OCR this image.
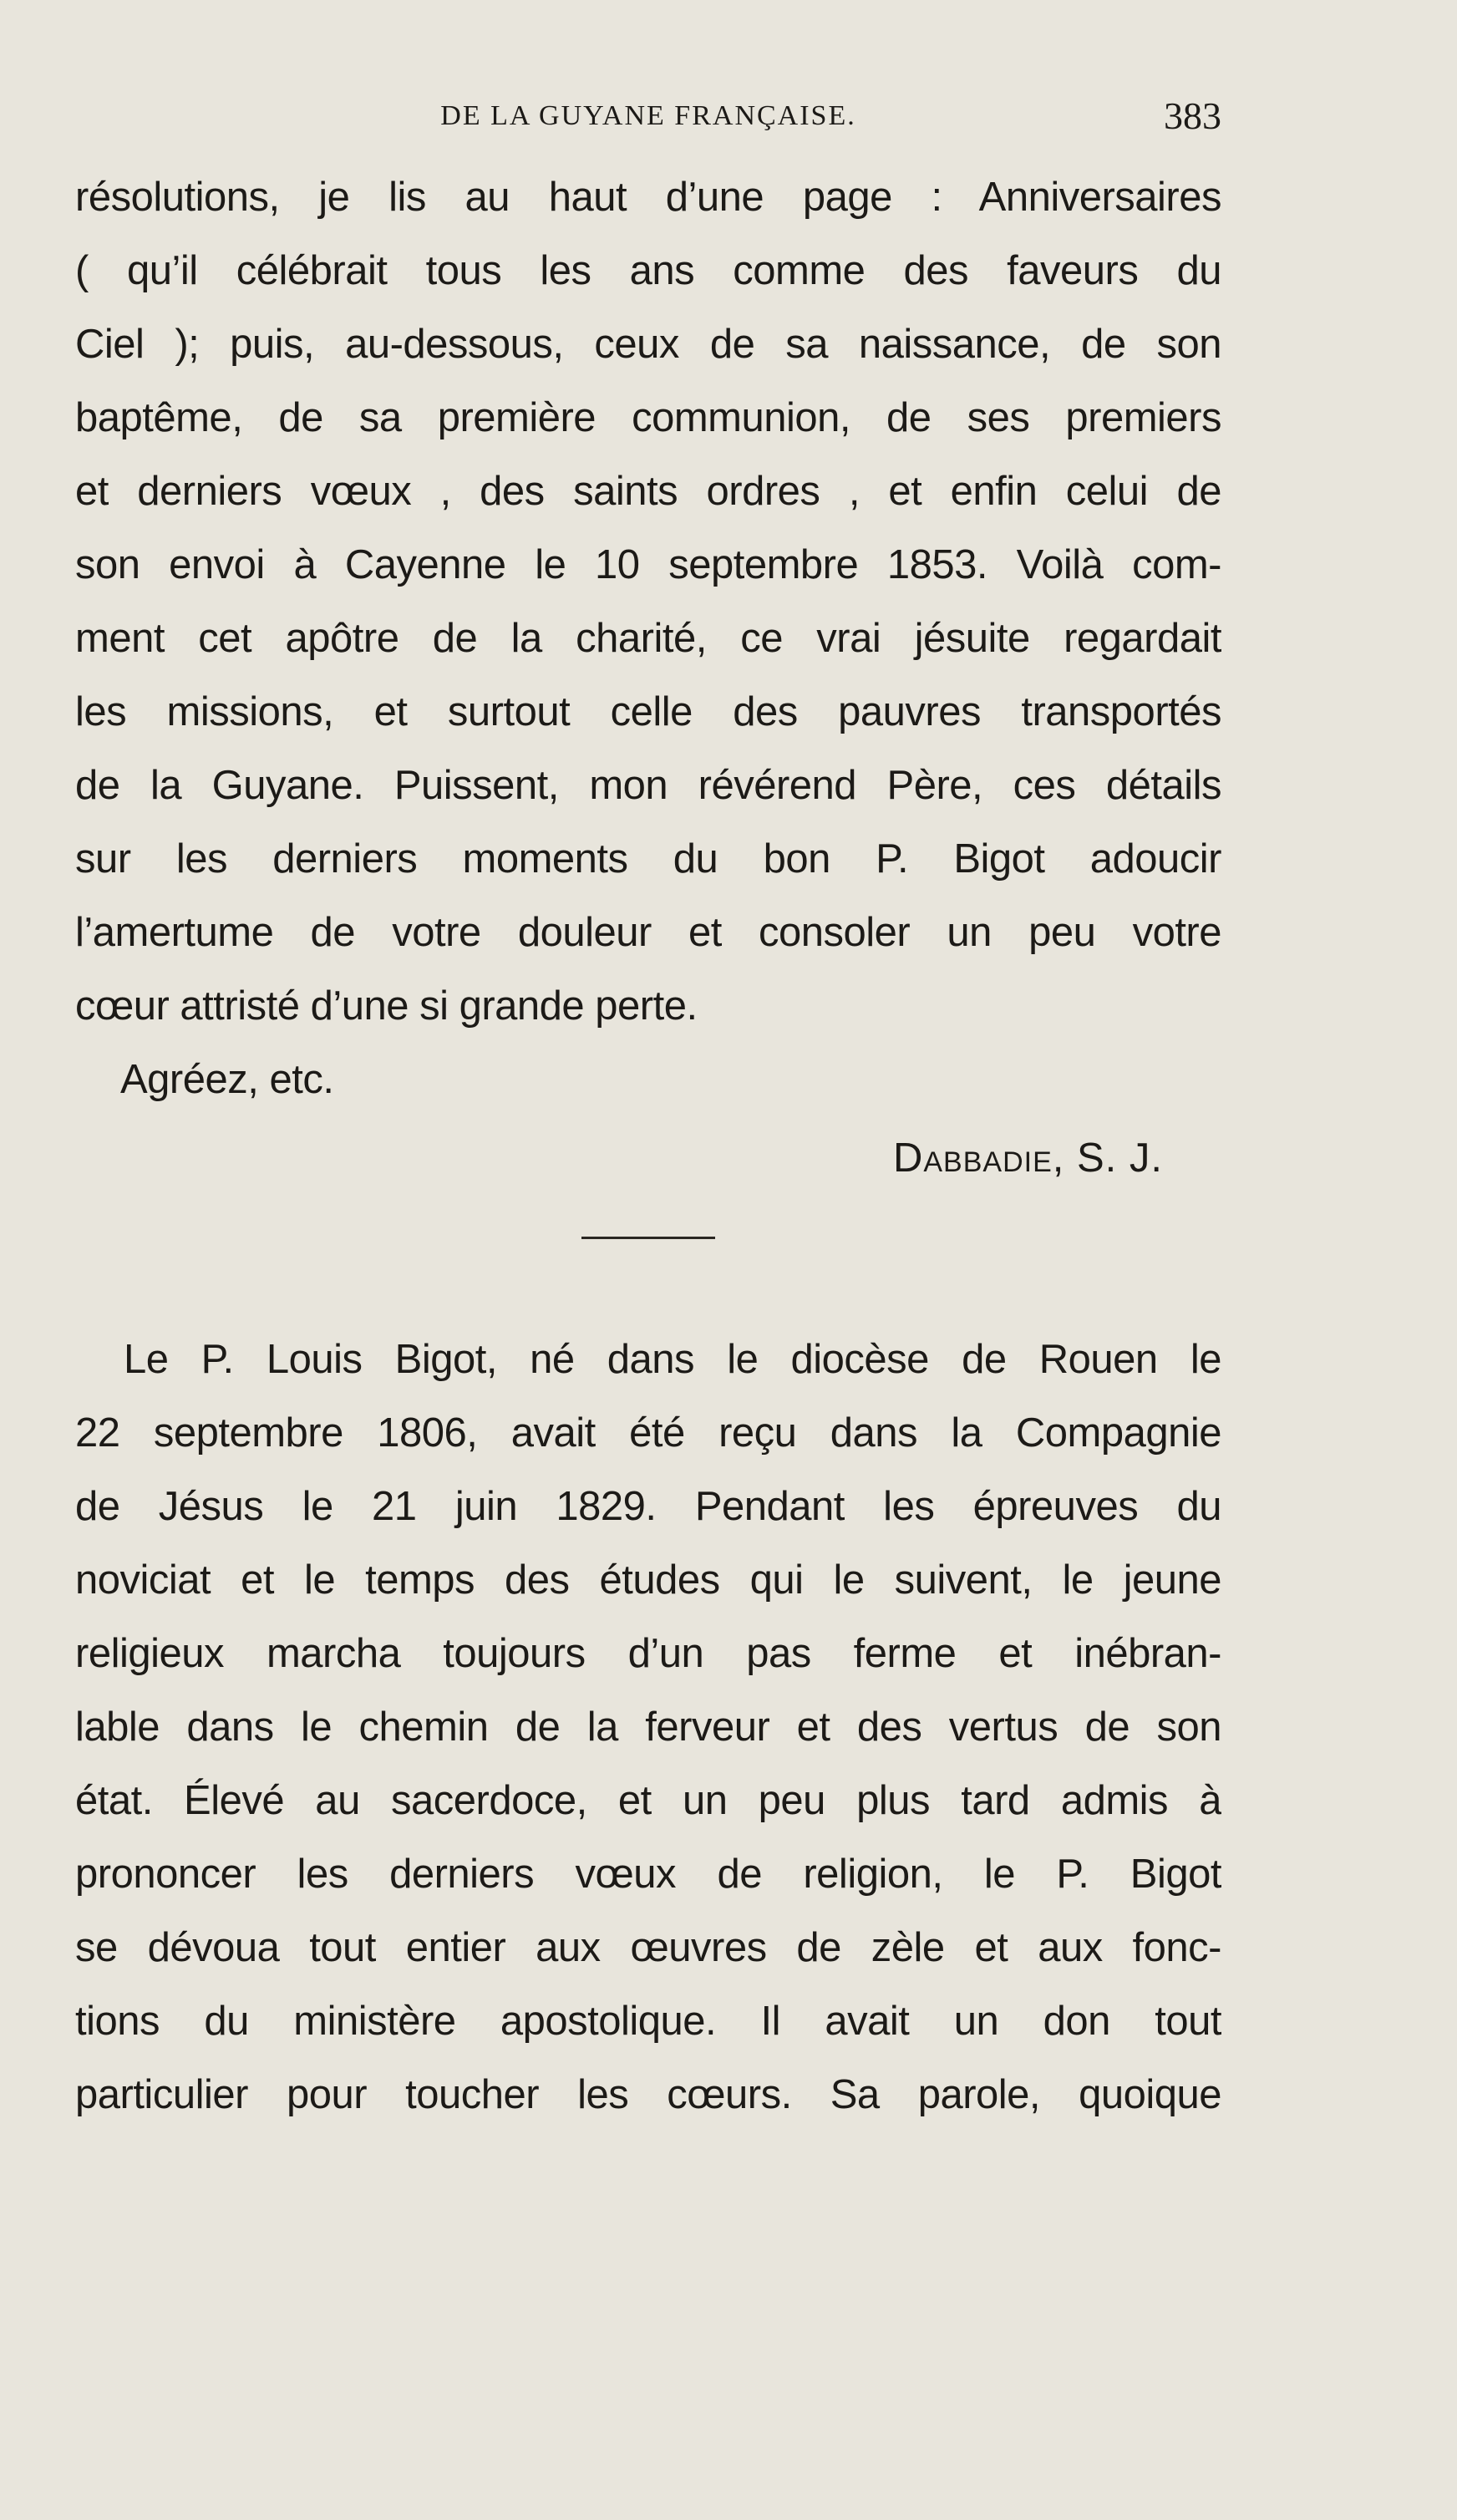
DE LA GUYANE FRANÇAISE.	383
résolutions, je lis au haut d’une page : Anniversaires
( qu’il célébrait tous les ans comme des faveurs du
Ciel ); puis, au-dessous, ceux de sa naissance, de son
baptême, de sa première communion, de ses premiers
et derniers vœux , des saints ordres , et enfin celui de
son envoi à Cayenne le 10 septembre 1853. Voilà com-
ment cet apôtre de la charité, ce vrai jésuite regardait
les missions, et surtout celle des pauvres transportés
de la Guyane. Puissent, mon révérend Père, ces détails
sur les derniers moments du bon P. Bigot adoucir
l’amertume de votre douleur et consoler un peu votre
cœur attristé d’une si grande perte.
Agréez, etc.
Dabbadie, S. J.
Le P. Louis Bigot, né dans le diocèse de Rouen le
22 septembre 1806, avait été reçu dans la Compagnie
de Jésus le 21 juin 1829. Pendant les épreuves du
noviciat et le temps des études qui le suivent, le jeune
religieux marcha toujours d’un pas ferme et inébran-
lable dans le chemin de la ferveur et des vertus de son
état. Élevé au sacerdoce, et un peu plus tard admis à
prononcer les derniers vœux de religion, le P. Bigot
se dévoua tout entier aux œuvres de zèle et aux fonc-
tions du ministère apostolique. Il avait un don tout
particulier pour toucher les cœurs. Sa parole, quoique
